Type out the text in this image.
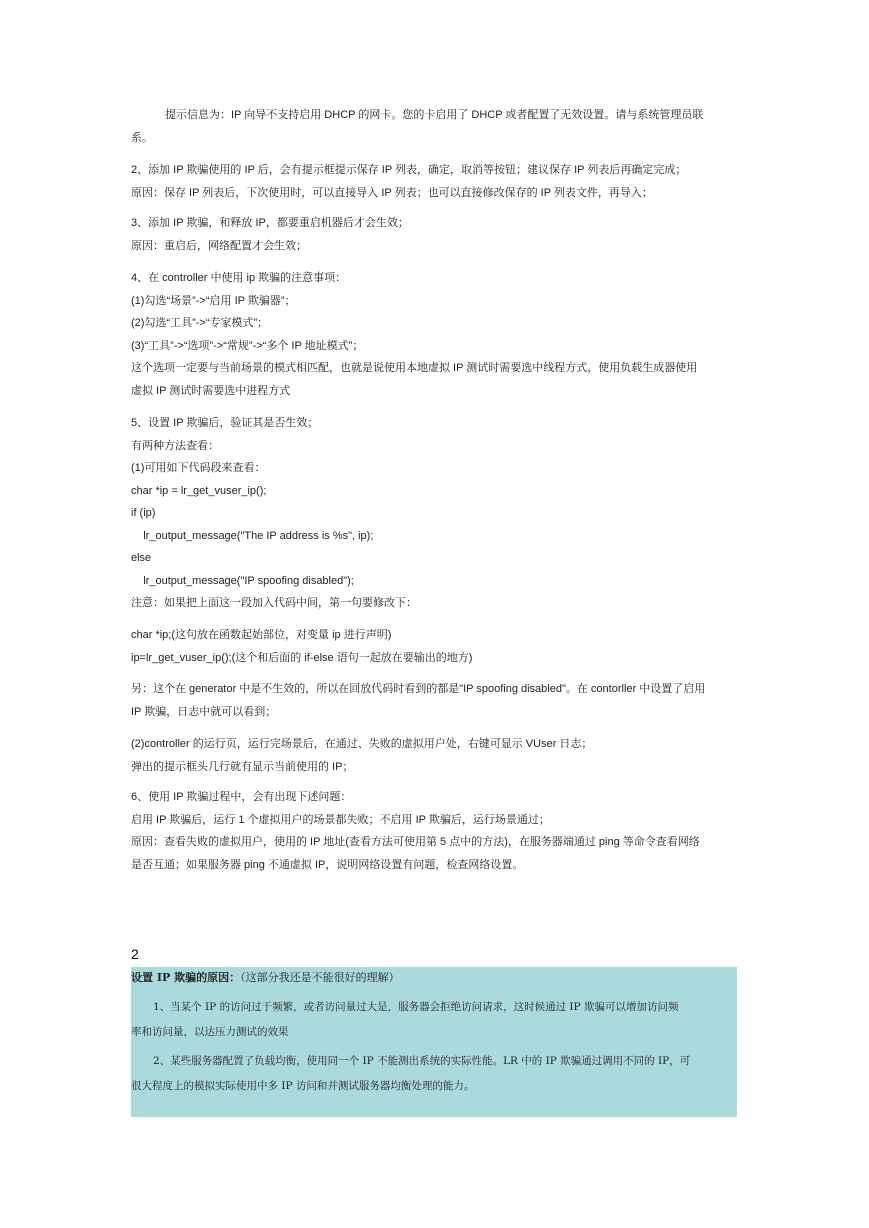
提示信息为：IP 向导不支持启用 DHCP 的网卡。您的卡启用了 DHCP 或者配置了无效设置。请与系统管理员联

系。

2、添加 IP 欺骗使用的 IP 后，会有提示框提示保存 IP 列表，确定，取消等按钮；建议保存 IP 列表后再确定完成；

原因：保存 IP 列表后，下次使用时，可以直接导入 IP 列表；也可以直接修改保存的 IP 列表文件，再导入；

3、添加 IP 欺骗，和释放 IP，都要重启机器后才会生效；

原因：重启后，网络配置才会生效；

4、在 controller 中使用 ip 欺骗的注意事项：

(1)勾选“场景”->“启用 IP 欺骗器”；

(2)勾选“工具”->“专家模式”；

(3)“工具”->“选项”->“常规”->“多个 IP 地址模式”；

这个选项一定要与当前场景的模式相匹配，也就是说使用本地虚拟 IP 测试时需要选中线程方式，使用负载生成器使用

虚拟 IP 测试时需要选中进程方式

5、设置 IP 欺骗后，验证其是否生效；

有两种方法查看：

(1)可用如下代码段来查看：

char *ip = lr_get_vuser_ip();

if (ip)

lr_output_message("The IP address is %s", ip);

else

lr_output_message("IP spoofing disabled");

注意：如果把上面这一段加入代码中间，第一句要修改下：

char *ip;(这句放在函数起始部位，对变量 ip 进行声明)

ip=lr_get_vuser_ip();(这个和后面的 if-else 语句一起放在要输出的地方)

另：这个在 generator 中是不生效的，所以在回放代码时看到的都是"IP spoofing disabled"。在 contorller 中设置了启用

IP 欺骗，日志中就可以看到；

(2)controller 的运行页，运行完场景后，在通过、失败的虚拟用户处，右键可显示 VUser 日志；

弹出的提示框头几行就有显示当前使用的 IP；

6、使用 IP 欺骗过程中，会有出现下述问题：

启用 IP 欺骗后，运行 1 个虚拟用户的场景都失败；不启用 IP 欺骗后，运行场景通过；

原因：查看失败的虚拟用户，使用的 IP 地址(查看方法可使用第 5 点中的方法)，在服务器端通过 ping 等命令查看网络

是否互通；如果服务器 ping 不通虚拟 IP，说明网络设置有问题，检查网络设置。

2

设置 IP 欺骗的原因：（这部分我还是不能很好的理解）

1、当某个 IP 的访问过于频繁，或者访问量过大是，服务器会拒绝访问请求，这时候通过 IP 欺骗可以增加访问频

率和访问量，以达压力测试的效果

2、某些服务器配置了负载均衡，使用同一个 IP 不能测出系统的实际性能。LR 中的 IP 欺骗通过调用不同的 IP，可

很大程度上的模拟实际使用中多 IP 访问和并测试服务器均衡处理的能力。
